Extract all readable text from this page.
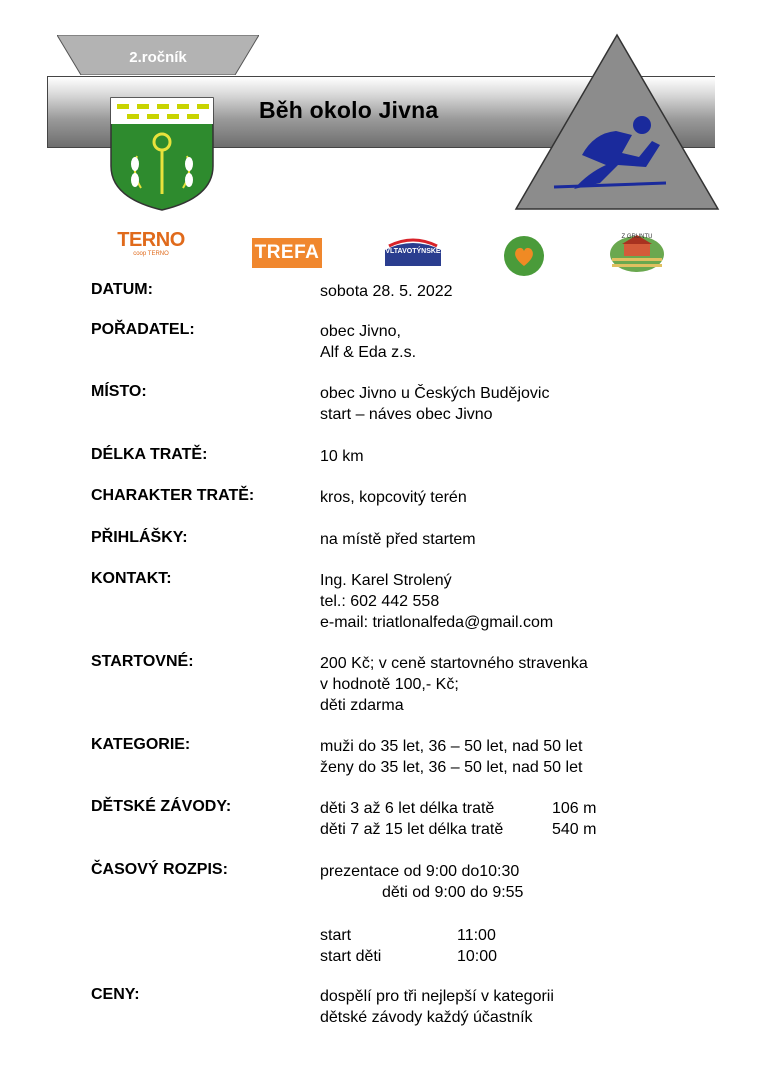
2.ročník
Běh okolo Jivna
TERNO
coop TERNO	TREFA	VLTAVOTÝNSKÉ
Z GRUNTU
DATUM:	sobota 28. 5. 2022
POŘADATEL:	obec Jivno,
Alf & Eda z.s.
MÍSTO:	obec Jivno u Českých Budějovic
start – náves obec Jivno
DÉLKA TRATĚ:	10 km
CHARAKTER TRATĚ:	kros, kopcovitý terén
PŘIHLÁŠKY:	na místě před startem
KONTAKT:	Ing. Karel Strolený
tel.: 602 442 558
e-mail: triatlonalfeda@gmail.com
STARTOVNÉ:	200 Kč; v ceně startovného stravenka
v hodnotě 100,- Kč;
děti zdarma
KATEGORIE:	muži do 35 let, 36 – 50 let, nad 50 let
ženy do 35 let, 36 – 50 let, nad 50 let
DĚTSKÉ ZÁVODY:	děti 3 až 6 let délka tratě	106 m
děti 7 až 15 let délka tratě	540 m
ČASOVÝ ROZPIS:	prezentace od 9:00 do10:30
děti od 9:00 do 9:55
start	11:00
start děti	10:00
CENY:	dospělí pro tři nejlepší v kategorii
dětské závody každý účastník
